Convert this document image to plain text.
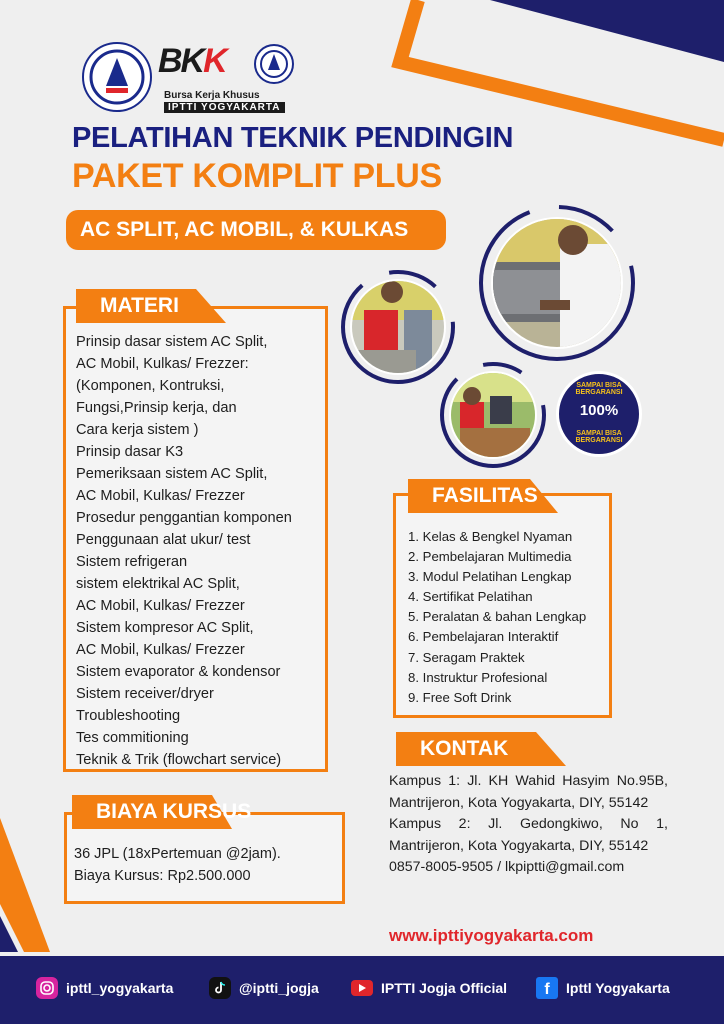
BKK
Bursa Kerja Khusus
IPTTI YOGYAKARTA
PELATIHAN TEKNIK PENDINGIN
PAKET KOMPLIT PLUS
AC SPLIT, AC MOBIL, & KULKAS
SAMPAI BISA BERGARANSI
100%
SAMPAI BISA BERGARANSI
MATERI
Prinsip dasar sistem AC Split,
AC Mobil, Kulkas/ Frezzer:
(Komponen, Kontruksi,
Fungsi,Prinsip kerja, dan
Cara kerja sistem )
Prinsip dasar K3
Pemeriksaan sistem AC Split,
AC Mobil, Kulkas/ Frezzer
Prosedur penggantian komponen
Penggunaan alat ukur/ test
Sistem refrigeran
sistem elektrikal AC Split,
AC Mobil, Kulkas/ Frezzer
Sistem kompresor AC Split,
AC Mobil, Kulkas/ Frezzer
Sistem evaporator & kondensor
Sistem receiver/dryer
Troubleshooting
Tes commitioning
Teknik & Trik (flowchart service)
FASILITAS
1. Kelas & Bengkel Nyaman
2. Pembelajaran Multimedia
3. Modul Pelatihan Lengkap
4. Sertifikat Pelatihan
5. Peralatan & bahan Lengkap
6. Pembelajaran Interaktif
7. Seragam Praktek
8. Instruktur Profesional
9. Free Soft Drink
BIAYA KURSUS
36 JPL (18xPertemuan @2jam).
Biaya Kursus: Rp2.500.000
KONTAK
Kampus 1: Jl. KH Wahid Hasyim No.95B, Mantrijeron, Kota Yogyakarta, DIY, 55142
Kampus 2: Jl. Gedongkiwo, No 1, Mantrijeron, Kota Yogyakarta, DIY, 55142
0857-8005-9505 / lkpiptti@gmail.com
www.ipttiyogyakarta.com
ipttl_yogyakarta	@iptti_jogja	IPTTI Jogja Official f Ipttl Yogyakarta
